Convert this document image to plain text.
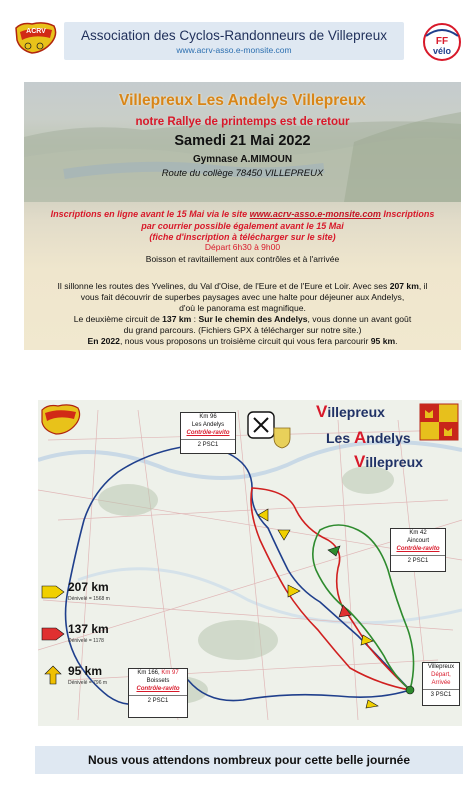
ACRV	Association des Cyclos-Randonneurs de Villepreux
www.acrv-asso.e-monsite.com
FF
vélo
Villepreux Les Andelys Villepreux
notre Rallye de printemps est de retour
Samedi 21 Mai 2022
Gymnase A.MIMOUN
Route du collège 78450 VILLEPREUX
Inscriptions en ligne avant le 15 Mai via le site www.acrv-asso.e-monsite.com Inscriptions
par courrier possible également avant le 15 Mai
(fiche d'inscription à télécharger sur le site)
Départ 6h30 à 9h00
Boisson et ravitaillement aux contrôles et à l'arrivée
Il sillonne les routes des Yvelines, du Val d'Oise, de l'Eure et de l'Eure et Loir. Avec ses 207 km, il
vous fait découvrir de superbes paysages avec une halte pour déjeuner aux Andelys,
d'où le panorama est magnifique.
Le deuxième circuit de 137 km : Sur le chemin des Andelys, vous donne un avant goût
du grand parcours. (Fichiers GPX à télécharger sur notre site.)
En 2022, nous vous proposons un troisième circuit qui vous fera parcourir 95 km.
Villepreux
Les Andelys
Villepreux
Km 96
Les Andelys
Contrôle-ravito
2 PSC1
Km 42
Aincourt
Contrôle-ravito
2 PSC1
Km 166, Km 97
Boissets
Contrôle-ravito
2 PSC1
Villepreux
Départ,
Arrivée
3 PSC1
207 km
Dénivelé = 1568 m
137 km
Dénivelé = 1178
95 km
Dénivelé = 796 m
Nous vous attendons nombreux pour cette belle journée
